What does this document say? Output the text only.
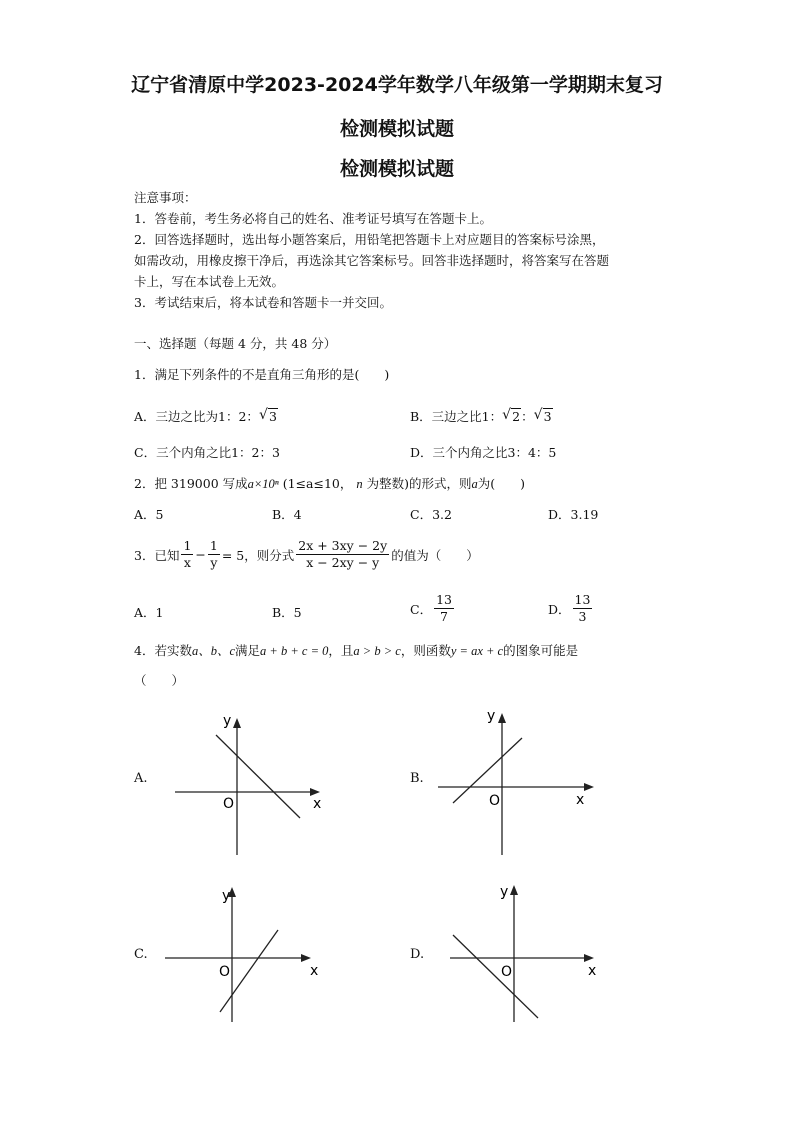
辽宁省清原中学2023-2024学年数学八年级第一学期期末复习
检测模拟试题
检测模拟试题
注意事项：
1．答卷前，考生务必将自己的姓名、准考证号填写在答题卡上。
2．回答选择题时，选出每小题答案后，用铅笔把答题卡上对应题目的答案标号涂黑，
如需改动，用橡皮擦干净后，再选涂其它答案标号。回答非选择题时，将答案写在答题
卡上，写在本试卷上无效。
3．考试结束后，将本试卷和答题卡一并交回。
一、选择题（每题 4 分，共 48 分）
1．满足下列条件的不是直角三角形的是(　　)
A．三边之比为1：2： √ 3	B．三边之比1： √ 2： √ 3
C．三个内角之比1：2：3	D．三个内角之比3：4：5
2．把 319000 写成a×10ⁿ (1≤a≤10， n 为整数)的形式，则a为(　　)
A．5	B．4	C．3.2	D．3.19
3．已知 $\frac{1}{x} - \frac{1}{y} = 5$，则分式 $\frac{2x + 3xy - 2y}{x - 2xy - y}$ 的值为（　　）
A．1	B．5	C． $\frac{13}{7}$	D． $\frac{13}{3}$
4．若实数a、b、c满足a + b + c = 0，且a > b > c，则函数y = ax + c的图象可能是
（　　）
A.
y
x
O
B.
y
x
O
C.
y
x
O
D.
y
x
O
